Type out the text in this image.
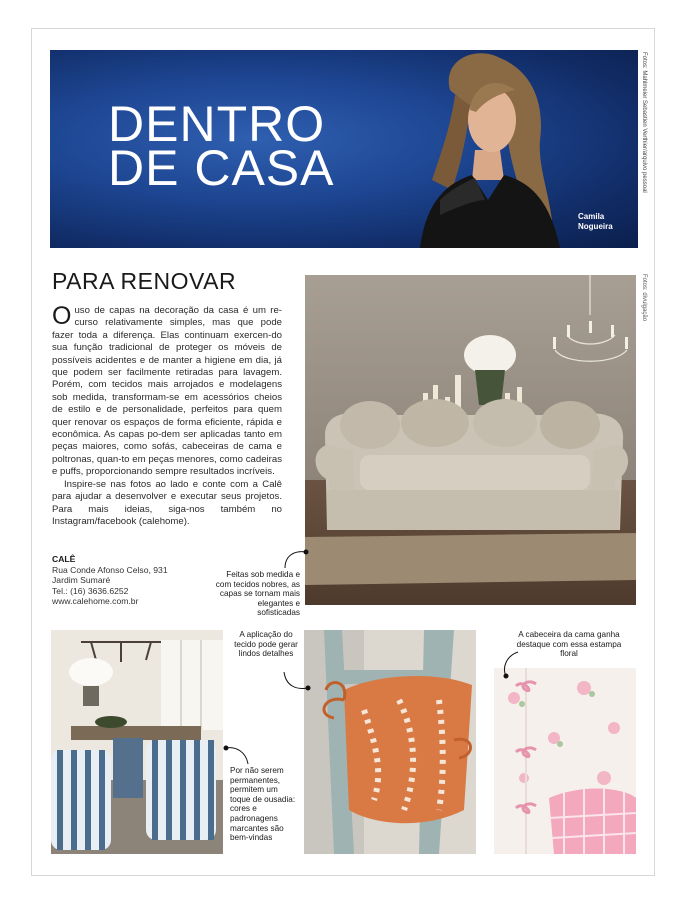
DENTRO
DE CASA
Camila
Nogueira
Fotos: Mahlmeier Sebastien Verthier/arquivo pessoal
PARA RENOVAR

Ouso de capas na decoração da casa é um re-curso relativamente simples, mas que pode fazer toda a diferença. Elas continuam exercen-do sua função tradicional de proteger os móveis de possíveis acidentes e de manter a higiene em dia, já que podem ser facilmente retiradas para lavagem. Porém, com tecidos mais arrojados e modelagens sob medida, transformam-se em acessórios cheios de estilo e de personalidade, perfeitos para quem quer renovar os espaços de forma eficiente, rápida e econômica. As capas po-dem ser aplicadas tanto em peças maiores, como sofás, cabeceiras de cama e poltronas, quan-to em peças menores, como cadeiras e puffs, proporcionando sempre resultados incríveis.

Inspire-se nas fotos ao lado e conte com a Calê para ajudar a desenvolver e executar seus projetos. Para mais ideias, siga-nos também no Instagram/facebook (calehome).

CALÊ
Rua Conde Afonso Celso, 931
Jardim Sumaré
Tel.: (16) 3636.6252
www.calehome.com.br
Fotos: divulgação
Feitas sob medida e com tecidos nobres, as capas se tornam mais elegantes e sofisticadas
A aplicação do tecido pode gerar lindos detalhes
A cabeceira da cama ganha destaque com essa estampa floral
Por não serem permanentes, permitem um toque de ousadia: cores e padronagens marcantes são bem-vindas
